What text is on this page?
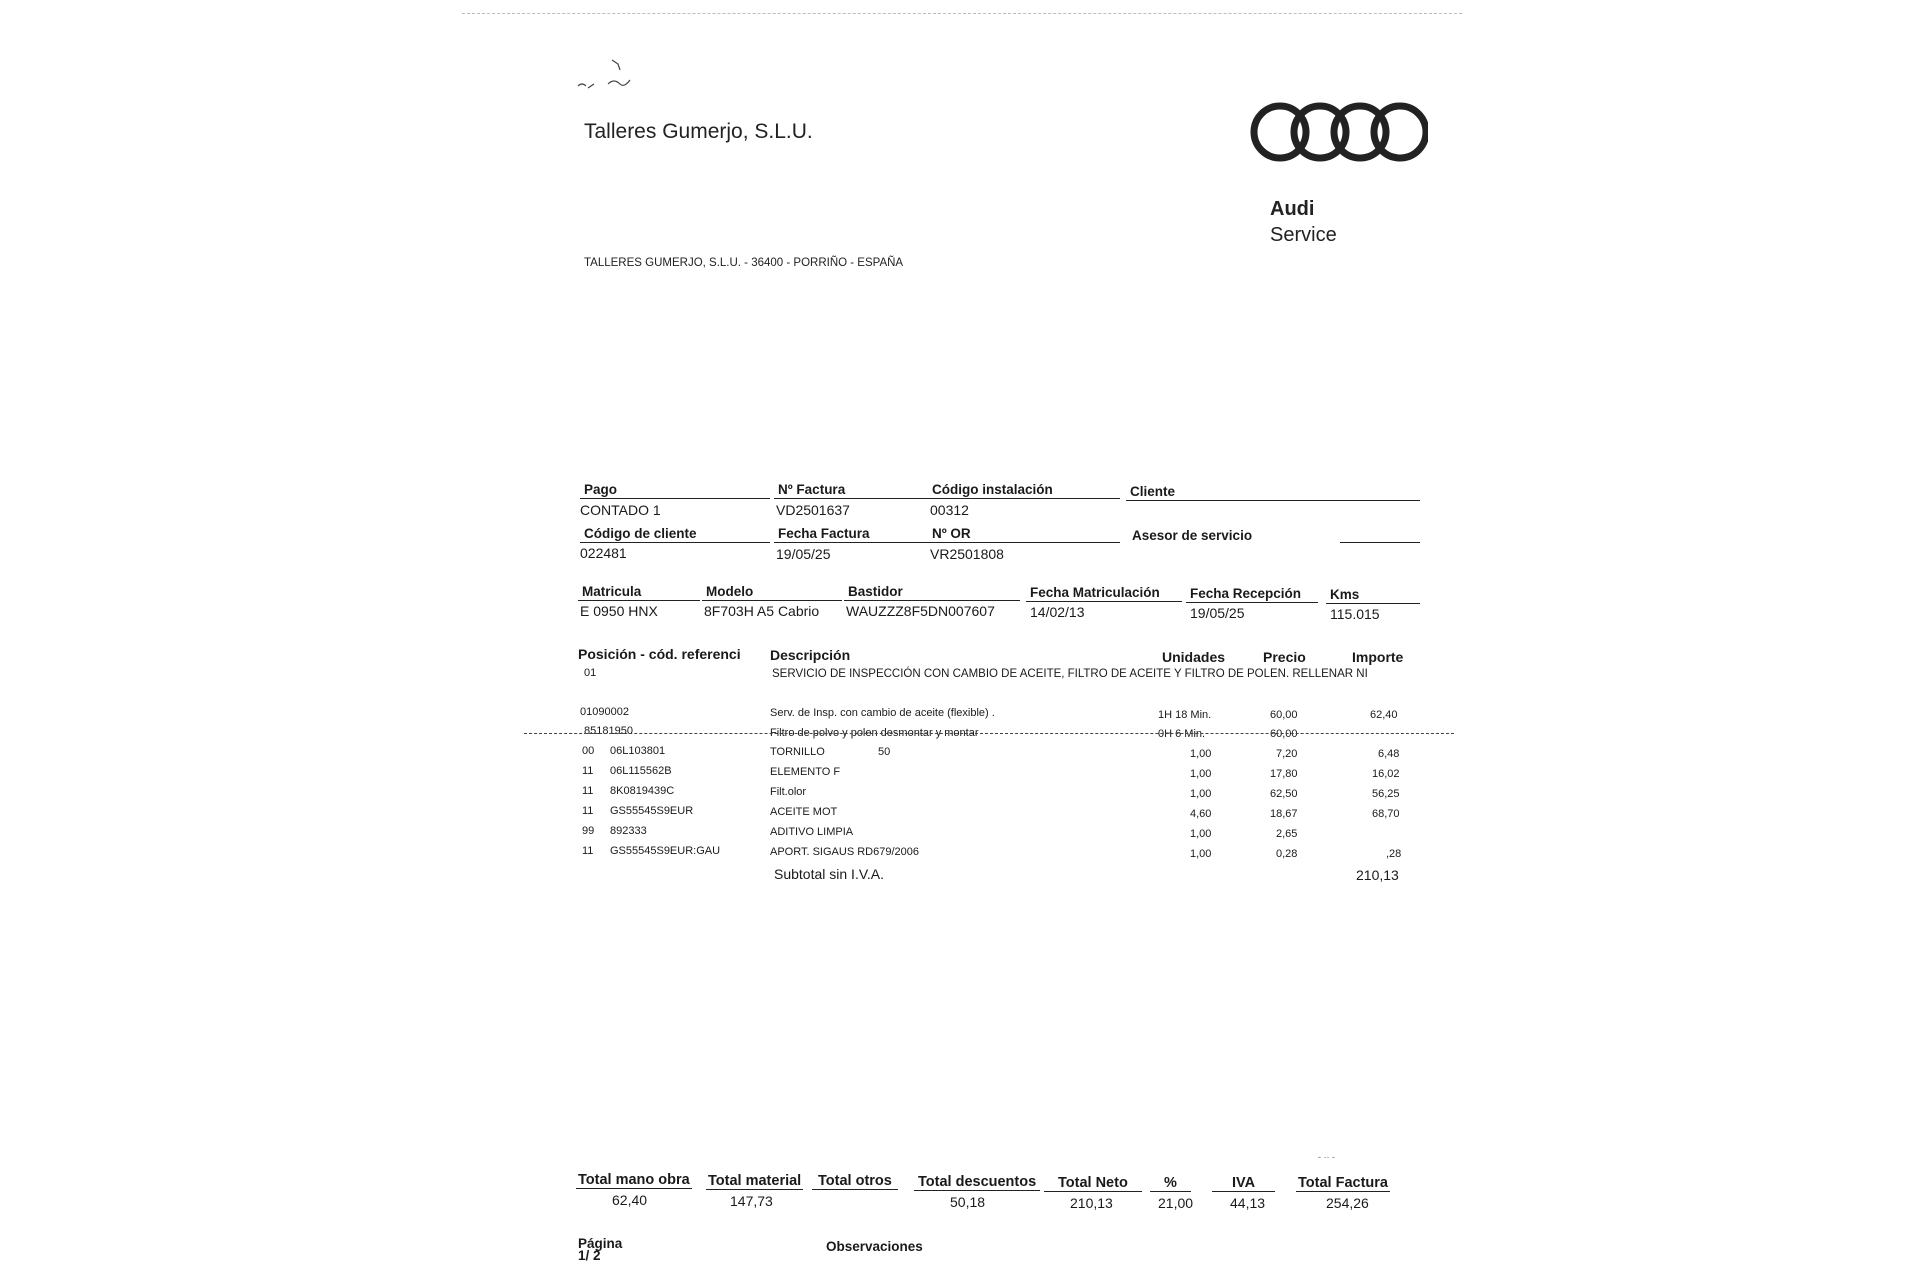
Talleres Gumerjo, S.L.U.
TALLERES GUMERJO, S.L.U. - 36400 - PORRIÑO - ESPAÑA
Audi
Service
Pago
CONTADO 1
Nº Factura
VD2501637
Código instalación
00312
Cliente
Código de cliente
022481
Fecha Factura
19/05/25
Nº OR
VR2501808
Asesor de servicio
Matricula
E 0950 HNX
Modelo
8F703H A5 Cabrio
Bastidor
WAUZZZ8F5DN007607
Fecha Matriculación
14/02/13
Fecha Recepción
19/05/25
Kms
115.015
Posición - cód. referenci Descripción	Unidades	Precio	Importe
01	SERVICIO DE INSPECCIÓN CON CAMBIO DE ACEITE, FILTRO DE ACEITE Y FILTRO DE POLEN. RELLENAR NI
01090002	Serv. de Insp. con cambio de aceite (flexible) .	1H 18 Min.	60,00	62,40
85181950	Filtro de polvo y polen desmontar y montar	0H 6 Min.	60,00
00 06L103801	TORNILLO	50	1,00	7,20	6,48
11 06L115562B	ELEMENTO F	1,00	17,80	16,02
11 8K0819439C	Filt.olor	1,00	62,50	56,25
11 GS55545S9EUR	ACEITE MOT	4,60	18,67	68,70
99 892333	ADITIVO LIMPIA	1,00	2,65
11 GS55545S9EUR:GAU	APORT. SIGAUS RD679/2006	1,00	0,28	,28
Subtotal sin I.V.A.	210,13
- ·· -
Total mano obra
62,40
Total material
147,73
Total otros	Total descuentos
50,18
Total Neto
210,13
%
21,00
IVA
44,13
Total Factura
254,26
Página
1/ 2
Observaciones
